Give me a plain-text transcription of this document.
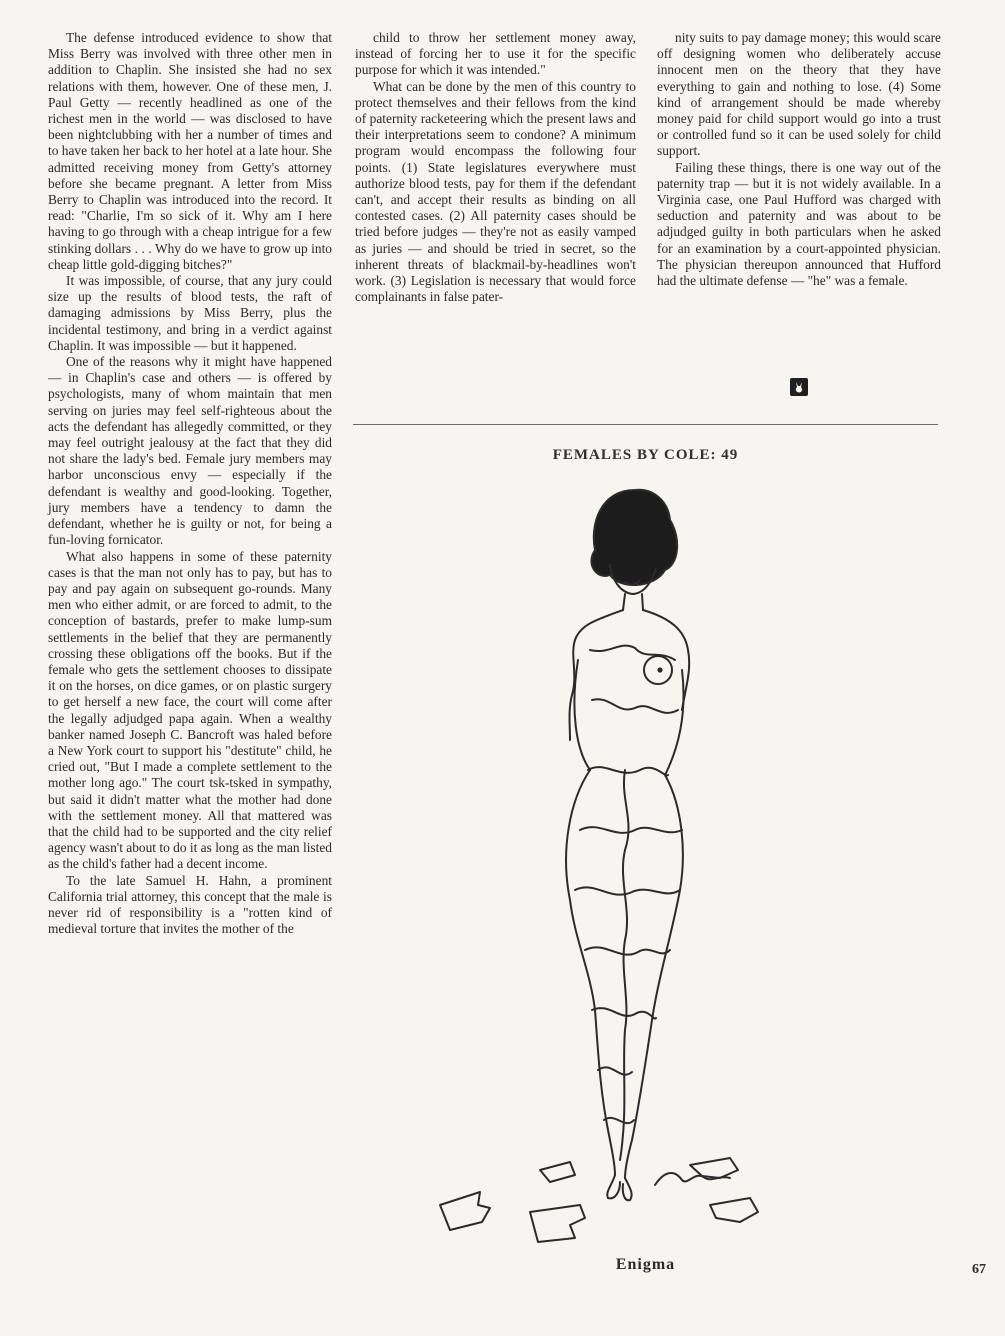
The defense introduced evidence to show that Miss Berry was involved with three other men in addition to Chaplin. She insisted she had no sex relations with them, however. One of these men, J. Paul Getty — recently headlined as one of the richest men in the world — was disclosed to have been nightclubbing with her a number of times and to have taken her back to her hotel at a late hour. She admitted receiving money from Getty's attorney before she became pregnant. A letter from Miss Berry to Chaplin was introduced into the record. It read: "Charlie, I'm so sick of it. Why am I here having to go through with a cheap intrigue for a few stinking dollars . . . Why do we have to grow up into cheap little gold-digging bitches?"

It was impossible, of course, that any jury could size up the results of blood tests, the raft of damaging admissions by Miss Berry, plus the incidental testimony, and bring in a verdict against Chaplin. It was impossible — but it happened.

One of the reasons why it might have happened — in Chaplin's case and others — is offered by psychologists, many of whom maintain that men serving on juries may feel self-righteous about the acts the defendant has allegedly committed, or they may feel outright jealousy at the fact that they did not share the lady's bed. Female jury members may harbor unconscious envy — especially if the defendant is wealthy and good-looking. Together, jury members have a tendency to damn the defendant, whether he is guilty or not, for being a fun-loving fornicator.

What also happens in some of these paternity cases is that the man not only has to pay, but has to pay and pay again on subsequent go-rounds. Many men who either admit, or are forced to admit, to the conception of bastards, prefer to make lump-sum settlements in the belief that they are permanently crossing these obligations off the books. But if the female who gets the settlement chooses to dissipate it on the horses, on dice games, or on plastic surgery to get herself a new face, the court will come after the legally adjudged papa again. When a wealthy banker named Joseph C. Bancroft was haled before a New York court to support his "destitute" child, he cried out, "But I made a complete settlement to the mother long ago." The court tsk-tsked in sympathy, but said it didn't matter what the mother had done with the settlement money. All that mattered was that the child had to be supported and the city relief agency wasn't about to do it as long as the man listed as the child's father had a decent income.

To the late Samuel H. Hahn, a prominent California trial attorney, this concept that the male is never rid of responsibility is a "rotten kind of medieval torture that invites the mother of the

child to throw her settlement money away, instead of forcing her to use it for the specific purpose for which it was intended."

What can be done by the men of this country to protect themselves and their fellows from the kind of paternity racketeering which the present laws and their interpretations seem to condone? A minimum program would encompass the following four points. (1) State legislatures everywhere must authorize blood tests, pay for them if the defendant can't, and accept their results as binding on all contested cases. (2) All paternity cases should be tried before judges — they're not as easily vamped as juries — and should be tried in secret, so the inherent threats of blackmail-by-headlines won't work. (3) Legislation is necessary that would force complainants in false pater-

nity suits to pay damage money; this would scare off designing women who deliberately accuse innocent men on the theory that they have everything to gain and nothing to lose. (4) Some kind of arrangement should be made whereby money paid for child support would go into a trust or controlled fund so it can be used solely for child support.

Failing these things, there is one way out of the paternity trap — but it is not widely available. In a Virginia case, one Paul Hufford was charged with seduction and paternity and was about to be adjudged guilty in both particulars when he asked for an examination by a court-appointed physician. The physician thereupon announced that Hufford had the ultimate defense — "he" was a female.

FEMALES BY COLE: 49
Enigma	67
